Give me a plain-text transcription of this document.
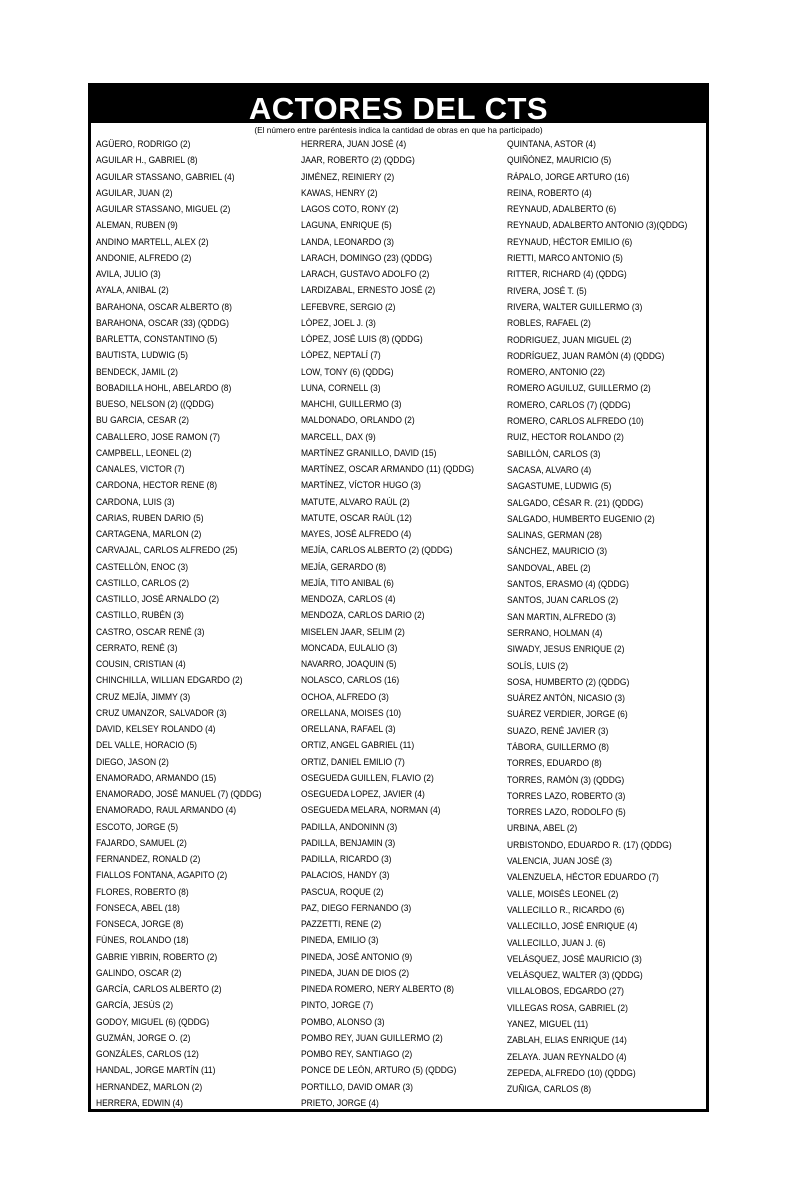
ACTORES DEL CTS
(El número entre paréntesis indica la cantidad de obras en que ha participado)
AGÜERO, RODRIGO (2)
AGUILAR H., GABRIEL (8)
AGUILAR STASSANO, GABRIEL (4)
AGUILAR, JUAN (2)
AGUILAR STASSANO, MIGUEL (2)
ALEMAN, RUBEN (9)
ANDINO MARTELL, ALEX (2)
ANDONIE, ALFREDO (2)
AVILA, JULIO (3)
AYALA, ANIBAL (2)
BARAHONA, OSCAR ALBERTO (8)
BARAHONA, OSCAR (33) (QDDG)
BARLETTA, CONSTANTINO (5)
BAUTISTA, LUDWIG (5)
BENDECK, JAMIL (2)
BOBADILLA HOHL, ABELARDO (8)
BUESO, NELSON (2) ((QDDG)
BU GARCIA, CESAR (2)
CABALLERO, JOSE RAMON (7)
CAMPBELL, LEONEL (2)
CANALES, VICTOR (7)
CARDONA, HECTOR RENE (8)
CARDONA, LUIS (3)
CARIAS, RUBEN DARIO (5)
CARTAGENA, MARLON (2)
CARVAJAL, CARLOS ALFREDO (25)
CASTELLÓN, ENOC (3)
CASTILLO, CARLOS (2)
CASTILLO, JOSÉ ARNALDO (2)
CASTILLO, RUBÉN (3)
CASTRO, OSCAR RENÉ (3)
CERRATO, RENÉ (3)
COUSIN, CRISTIAN (4)
CHINCHILLA, WILLIAN EDGARDO (2)
CRUZ MEJÍA, JIMMY (3)
CRUZ UMANZOR, SALVADOR (3)
DAVID, KELSEY ROLANDO (4)
DEL VALLE, HORACIO (5)
DIEGO, JASON (2)
ENAMORADO, ARMANDO (15)
ENAMORADO, JOSÉ MANUEL (7) (QDDG)
ENAMORADO, RAUL ARMANDO (4)
ESCOTO, JORGE (5)
FAJARDO, SAMUEL (2)
FERNANDEZ, RONALD (2)
FIALLOS FONTANA, AGAPITO (2)
FLORES, ROBERTO (8)
FONSECA, ABEL (18)
FONSECA, JORGE (8)
FÚNES, ROLANDO (18)
GABRIE YIBRIN, ROBERTO (2)
GALINDO, OSCAR (2)
GARCÍA, CARLOS ALBERTO (2)
GARCÍA, JESÚS (2)
GODOY, MIGUEL (6) (QDDG)
GUZMÁN, JORGE O. (2)
GONZÁLES, CARLOS (12)
HANDAL, JORGE MARTÍN (11)
HERNANDEZ, MARLON (2)
HERRERA, EDWIN (4)
HERRERA, JUAN JOSÉ (4)
JAAR, ROBERTO (2) (QDDG)
JIMÉNEZ, REINIERY (2)
KAWAS, HENRY (2)
LAGOS COTO, RONY (2)
LAGUNA, ENRIQUE (5)
LANDA, LEONARDO (3)
LARACH, DOMINGO (23) (QDDG)
LARACH, GUSTAVO ADOLFO (2)
LARDIZABAL, ERNESTO JOSÉ (2)
LEFEBVRE, SERGIO (2)
LÓPEZ, JOEL J. (3)
LÓPEZ, JOSÉ LUIS (8) (QDDG)
LÓPEZ, NEPTALÍ (7)
LOW, TONY (6) (QDDG)
LUNA, CORNELL (3)
MAHCHI, GUILLERMO (3)
MALDONADO, ORLANDO (2)
MARCELL, DAX (9)
MARTÍNEZ GRANILLO, DAVID (15)
MARTÍNEZ, OSCAR ARMANDO (11) (QDDG)
MARTÍNEZ, VÍCTOR HUGO (3)
MATUTE, ALVARO RAÚL (2)
MATUTE, OSCAR RAÚL (12)
MAYES, JOSÉ ALFREDO (4)
MEJÍA, CARLOS ALBERTO (2) (QDDG)
MEJÍA, GERARDO (8)
MEJÍA, TITO ANIBAL (6)
MENDOZA, CARLOS (4)
MENDOZA, CARLOS DARIO (2)
MISELEN JAAR, SELIM (2)
MONCADA, EULALIO (3)
NAVARRO, JOAQUIN (5)
NOLASCO, CARLOS (16)
OCHOA, ALFREDO (3)
ORELLANA, MOISES (10)
ORELLANA, RAFAEL (3)
ORTIZ, ANGEL GABRIEL (11)
ORTIZ, DANIEL EMILIO (7)
OSEGUEDA GUILLEN, FLAVIO (2)
OSEGUEDA LOPEZ, JAVIER (4)
OSEGUEDA MELARA, NORMAN (4)
PADILLA, ANDONINN (3)
PADILLA, BENJAMIN (3)
PADILLA, RICARDO (3)
PALACIOS, HANDY (3)
PASCUA, ROQUE (2)
PAZ, DIEGO FERNANDO (3)
PAZZETTI, RENE (2)
PINEDA, EMILIO (3)
PINEDA, JOSÉ ANTONIO (9)
PINEDA, JUAN DE DIOS (2)
PINEDA ROMERO, NERY ALBERTO (8)
PINTO, JORGE (7)
POMBO, ALONSO (3)
POMBO REY, JUAN GUILLERMO (2)
POMBO REY, SANTIAGO (2)
PONCE DE LEÓN, ARTURO (5) (QDDG)
PORTILLO, DAVID OMAR (3)
PRIETO, JORGE (4)
QUINTANA, ASTOR (4)
QUIÑÓNEZ, MAURICIO (5)
RÁPALO, JORGE ARTURO (16)
REINA, ROBERTO (4)
REYNAUD, ADALBERTO (6)
REYNAUD, ADALBERTO ANTONIO (3)(QDDG)
REYNAUD, HÉCTOR EMILIO (6)
RIETTI, MARCO ANTONIO (5)
RITTER, RICHARD (4) (QDDG)
RIVERA, JOSÉ T. (5)
RIVERA, WALTER GUILLERMO (3)
ROBLES, RAFAEL (2)
RODRIGUEZ, JUAN MIGUEL (2)
RODRÍGUEZ, JUAN RAMÓN (4) (QDDG)
ROMERO, ANTONIO (22)
ROMERO AGUILUZ, GUILLERMO (2)
ROMERO, CARLOS (7) (QDDG)
ROMERO, CARLOS ALFREDO (10)
RUIZ, HECTOR ROLANDO (2)
SABILLÓN, CARLOS (3)
SACASA, ALVARO (4)
SAGASTUME, LUDWIG (5)
SALGADO, CÉSAR R. (21) (QDDG)
SALGADO, HUMBERTO EUGENIO (2)
SALINAS, GERMAN (28)
SÁNCHEZ, MAURICIO (3)
SANDOVAL, ABEL (2)
SANTOS, ERASMO (4) (QDDG)
SANTOS, JUAN CARLOS (2)
SAN MARTIN, ALFREDO (3)
SERRANO, HOLMAN (4)
SIWADY, JESUS ENRIQUE (2)
SOLÍS, LUIS (2)
SOSA, HUMBERTO (2) (QDDG)
SUÁREZ ANTÓN, NICASIO (3)
SUÁREZ VERDIER, JORGE (6)
SUAZO, RENÉ JAVIER (3)
TÁBORA, GUILLERMO (8)
TORRES, EDUARDO (8)
TORRES, RAMÓN (3) (QDDG)
TORRES LAZO, ROBERTO (3)
TORRES LAZO, RODOLFO (5)
URBINA, ABEL (2)
URBISTONDO, EDUARDO R. (17) (QDDG)
VALENCIA, JUAN JOSÉ (3)
VALENZUELA, HÉCTOR EDUARDO (7)
VALLE, MOISÉS LEONEL (2)
VALLECILLO R., RICARDO (6)
VALLECILLO, JOSÉ ENRIQUE (4)
VALLECILLO, JUAN J. (6)
VELÁSQUEZ, JOSÉ MAURICIO (3)
VELÁSQUEZ, WALTER (3) (QDDG)
VILLALOBOS, EDGARDO (27)
VILLEGAS ROSA, GABRIEL (2)
YANEZ, MIGUEL (11)
ZABLAH, ELIAS ENRIQUE (14)
ZELAYA. JUAN REYNALDO (4)
ZEPEDA, ALFREDO (10) (QDDG)
ZUÑIGA, CARLOS (8)
